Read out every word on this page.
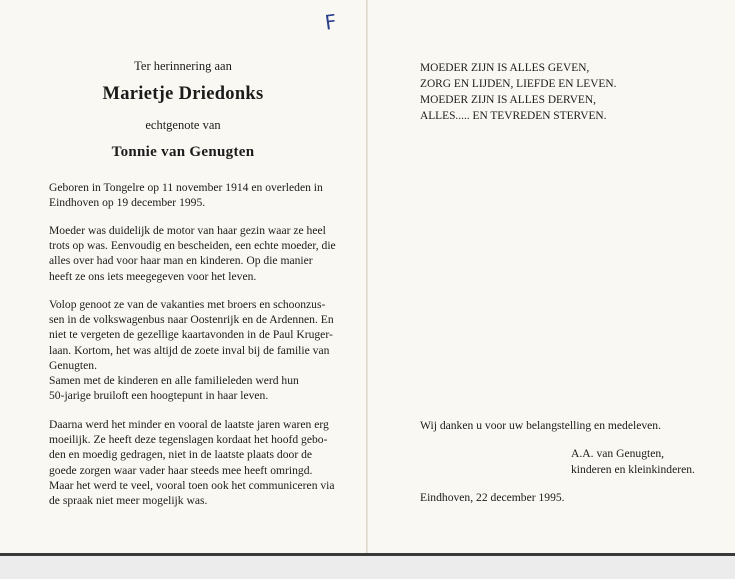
F
Ter herinnering aan
Marietje Driedonks
echtgenote van
Tonnie van Genugten
Geboren in Tongelre op 11 november 1914 en overleden in
Eindhoven op 19 december 1995.
Moeder was duidelijk de motor van haar gezin waar ze heel
trots op was. Eenvoudig en bescheiden, een echte moeder, die
alles over had voor haar man en kinderen. Op die manier
heeft ze ons iets meegegeven voor het leven.
Volop genoot ze van de vakanties met broers en schoonzus-
sen in de volkswagenbus naar Oostenrijk en de Ardennen. En
niet te vergeten de gezellige kaartavonden in de Paul Kruger-
laan. Kortom, het was altijd de zoete inval bij de familie van
Genugten.
Samen met de kinderen en alle familieleden werd hun
50-jarige bruiloft een hoogtepunt in haar leven.
Daarna werd het minder en vooral de laatste jaren waren erg
moeilijk. Ze heeft deze tegenslagen kordaat het hoofd gebo-
den en moedig gedragen, niet in de laatste plaats door de
goede zorgen waar vader haar steeds mee heeft omringd.
Maar het werd te veel, vooral toen ook het communiceren via
de spraak niet meer mogelijk was.
MOEDER ZIJN IS ALLES GEVEN,
ZORG EN LIJDEN, LIEFDE EN LEVEN.
MOEDER ZIJN IS ALLES DERVEN,
ALLES..... EN TEVREDEN STERVEN.
Wij danken u voor uw belangstelling en medeleven.
A.A. van Genugten,
kinderen en kleinkinderen.
Eindhoven, 22 december 1995.
